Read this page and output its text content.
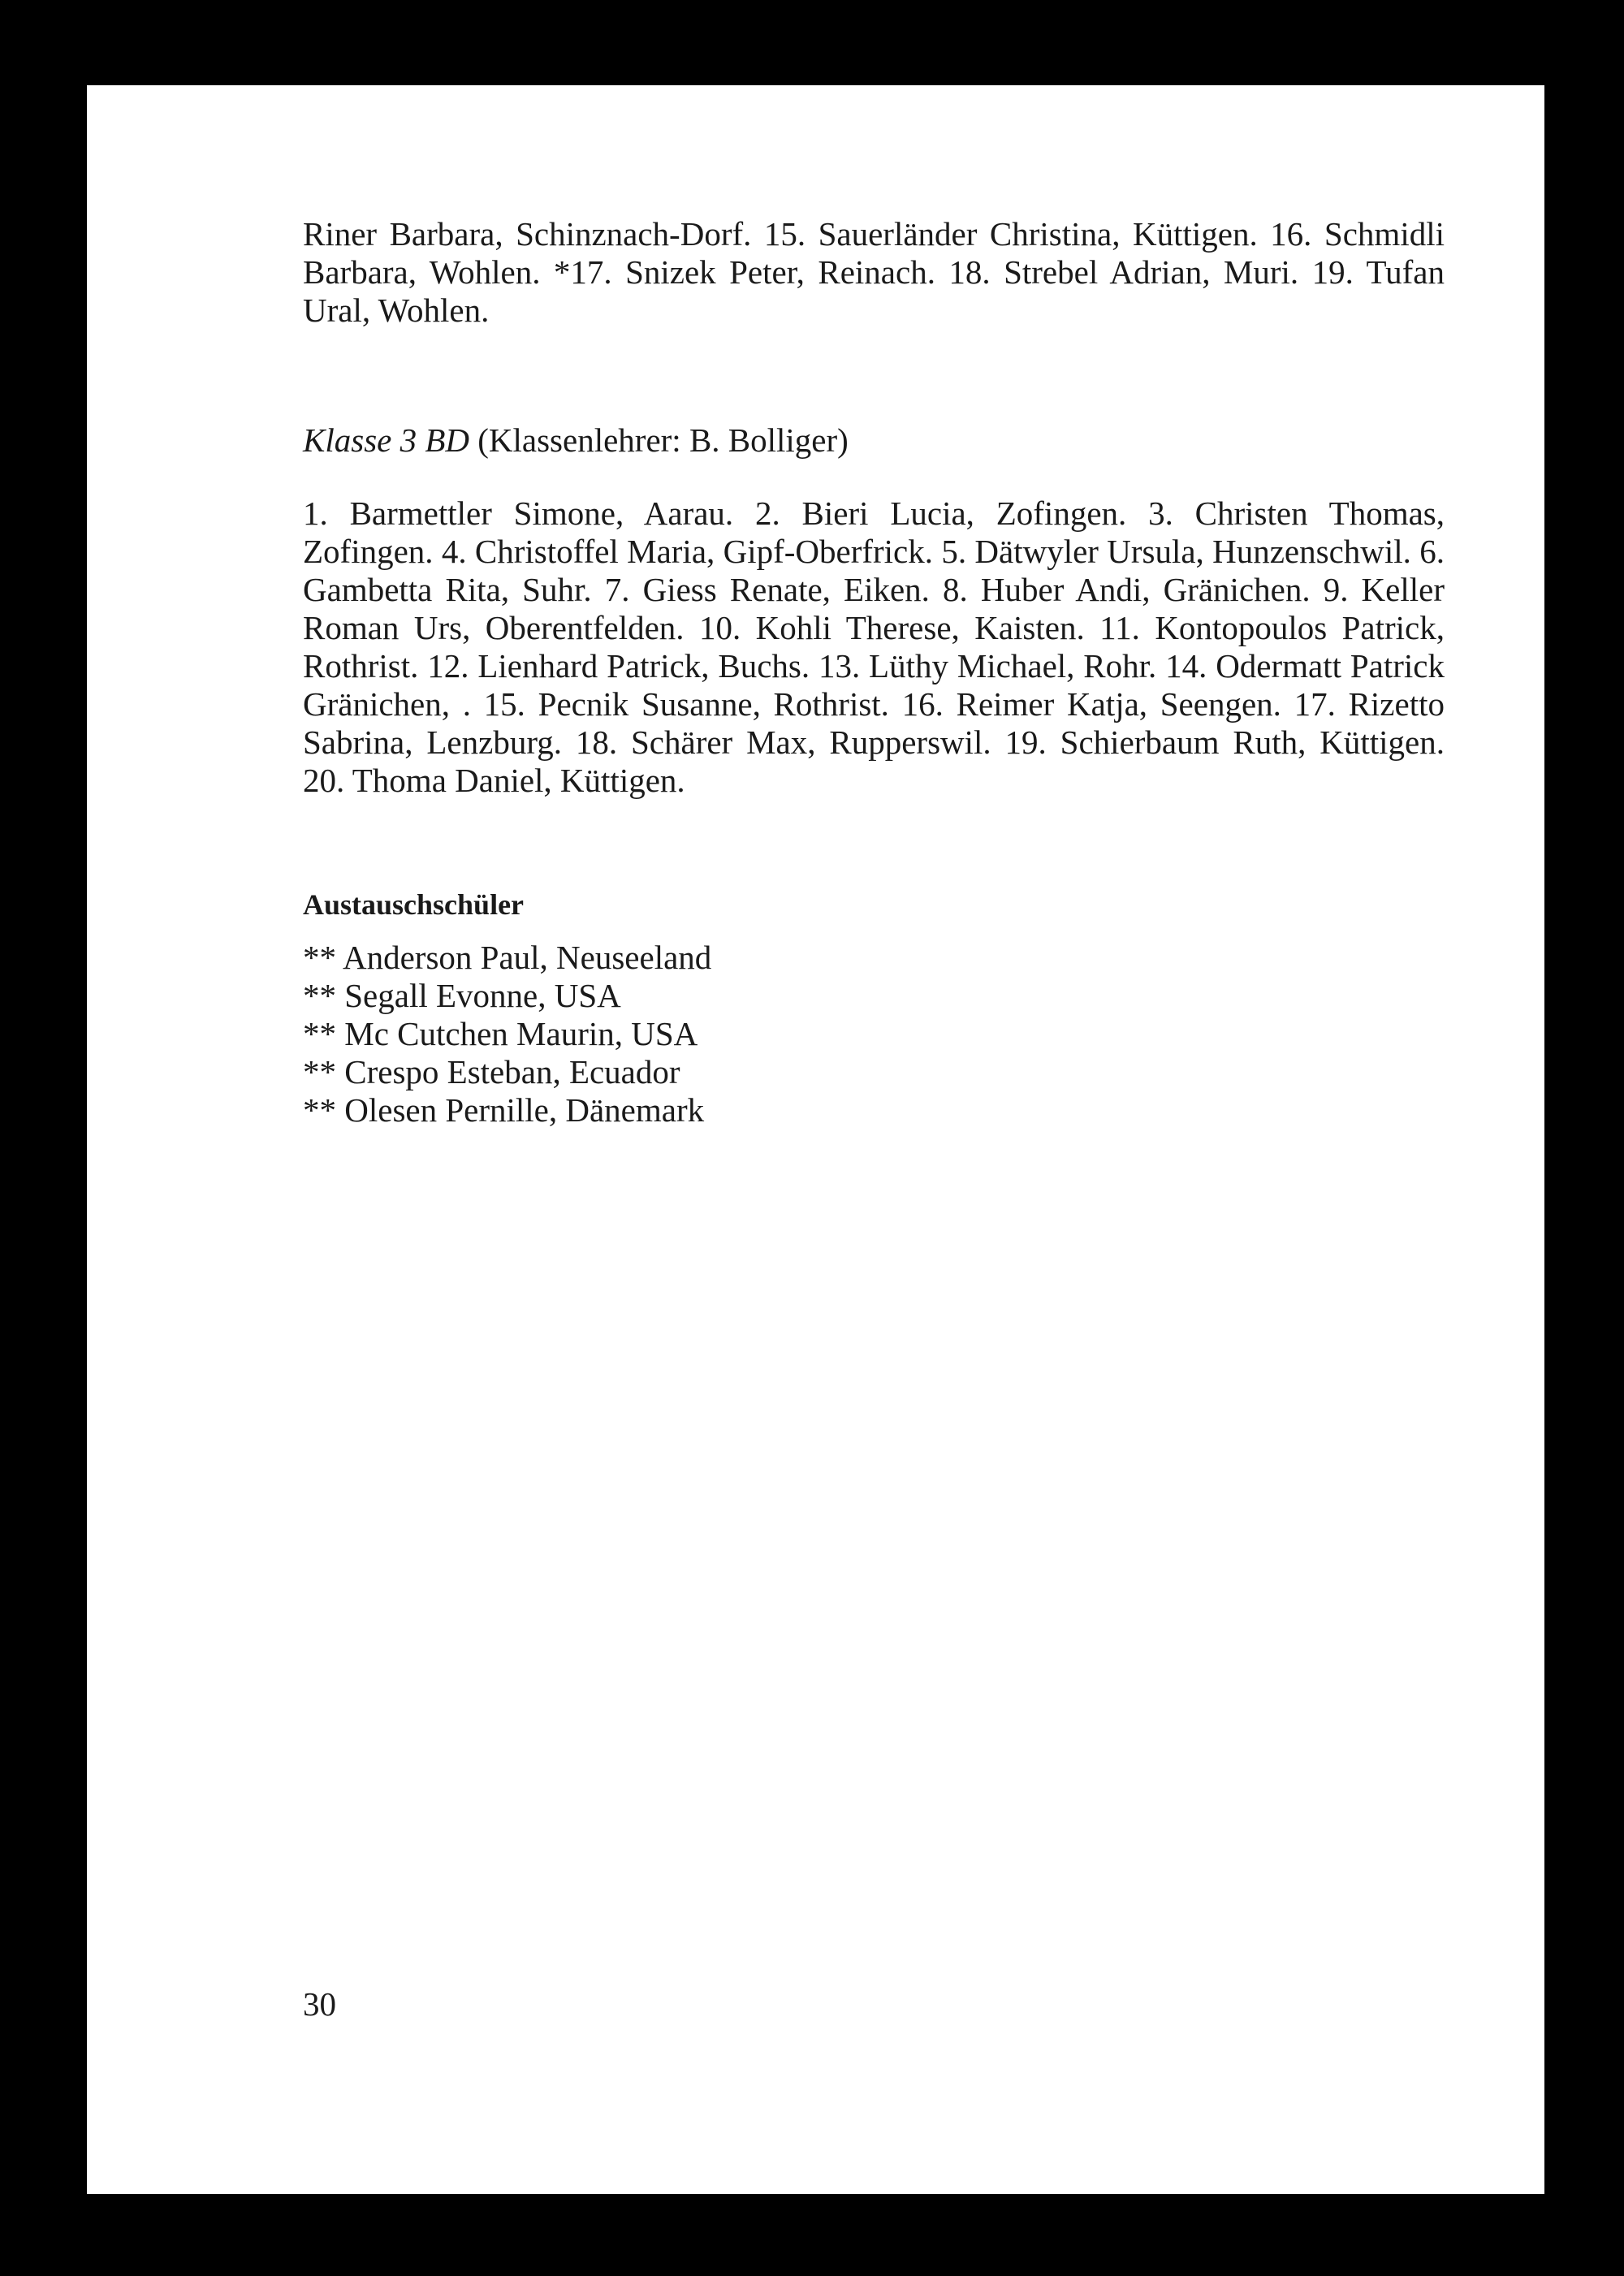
Riner Barbara, Schinznach-Dorf. 15. Sauerländer Christina, Küttigen. 16. Schmidli Barbara, Wohlen. *17. Snizek Peter, Reinach. 18. Strebel Adrian, Muri. 19. Tufan Ural, Wohlen.

Klasse 3 BD (Klassenlehrer: B. Bolliger)

1. Barmettler Simone, Aarau. 2. Bieri Lucia, Zofingen. 3. Christen Thomas, Zofingen. 4. Christoffel Maria, Gipf-Oberfrick. 5. Dätwyler Ursula, Hunzenschwil. 6. Gambetta Rita, Suhr. 7. Giess Renate, Eiken. 8. Huber Andi, Gränichen. 9. Keller Roman Urs, Oberentfelden. 10. Kohli Therese, Kaisten. 11. Kontopoulos Patrick, Rothrist. 12. Lienhard Patrick, Buchs. 13. Lüthy Michael, Rohr. 14. Odermatt Patrick Gränichen, . 15. Pecnik Susanne, Rothrist. 16. Reimer Katja, Seengen. 17. Rizetto Sabrina, Lenzburg. 18. Schärer Max, Rupperswil. 19. Schierbaum Ruth, Küttigen. 20. Thoma Daniel, Küttigen.

Austauschschüler
** Anderson Paul, Neuseeland
** Segall Evonne, USA
** Mc Cutchen Maurin, USA
** Crespo Esteban, Ecuador
** Olesen Pernille, Dänemark
30
